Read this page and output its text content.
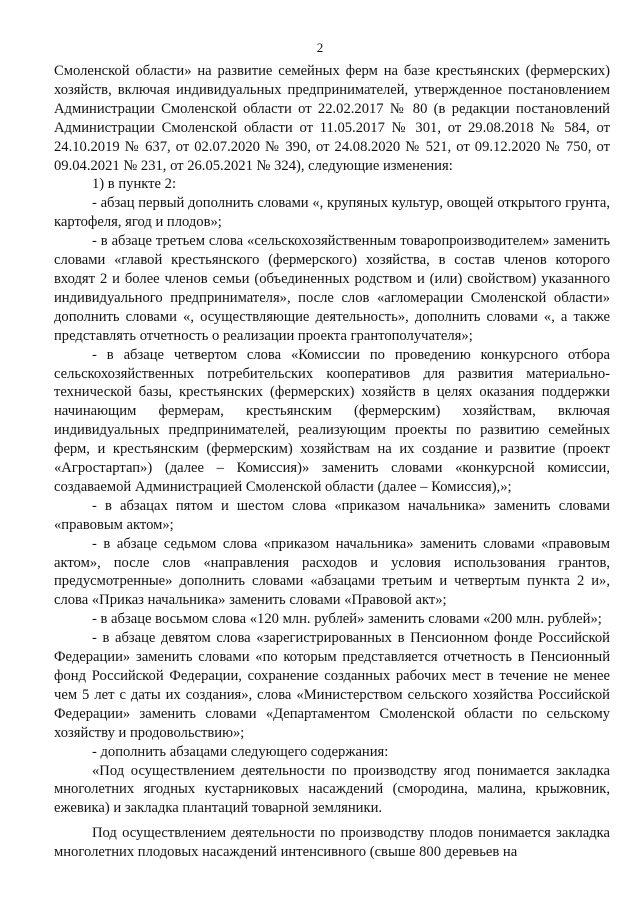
2

Смоленской области» на развитие семейных ферм на базе крестьянских (фермерских) хозяйств, включая индивидуальных предпринимателей, утвержденное постановлением Администрации Смоленской области от 22.02.2017 № 80 (в редакции постановлений Администрации Смоленской области от 11.05.2017 № 301, от 29.08.2018 № 584, от 24.10.2019 № 637, от 02.07.2020 № 390, от 24.08.2020 № 521, от 09.12.2020 № 750, от 09.04.2021 № 231, от 26.05.2021 № 324), следующие изменения:

1) в пункте 2:

- абзац первый дополнить словами «, крупяных культур, овощей открытого грунта, картофеля, ягод и плодов»;

- в абзаце третьем слова «сельскохозяйственным товаропроизводителем» заменить словами «главой крестьянского (фермерского) хозяйства, в состав членов которого входят 2 и более членов семьи (объединенных родством и (или) свойством) указанного индивидуального предпринимателя», после слов «агломерации Смоленской области» дополнить словами «, осуществляющие деятельность», дополнить словами «, а также представлять отчетность о реализации проекта грантополучателя»;

- в абзаце четвертом слова «Комиссии по проведению конкурсного отбора сельскохозяйственных потребительских кооперативов для развития материально-технической базы, крестьянских (фермерских) хозяйств в целях оказания поддержки начинающим фермерам, крестьянским (фермерским) хозяйствам, включая индивидуальных предпринимателей, реализующим проекты по развитию семейных ферм, и крестьянским (фермерским) хозяйствам на их создание и развитие (проект «Агростартап») (далее – Комиссия)» заменить словами «конкурсной комиссии, создаваемой Администрацией Смоленской области (далее – Комиссия),»;

- в абзацах пятом и шестом слова «приказом начальника» заменить словами «правовым актом»;

- в абзаце седьмом слова «приказом начальника» заменить словами «правовым актом», после слов «направления расходов и условия использования грантов, предусмотренные» дополнить словами «абзацами третьим и четвертым пункта 2 и», слова «Приказ начальника» заменить словами «Правовой акт»;

- в абзаце восьмом слова «120 млн. рублей» заменить словами «200 млн. рублей»;

- в абзаце девятом слова «зарегистрированных в Пенсионном фонде Российской Федерации» заменить словами «по которым представляется отчетность в Пенсионный фонд Российской Федерации, сохранение созданных рабочих мест в течение не менее чем 5 лет с даты их создания», слова «Министерством сельского хозяйства Российской Федерации» заменить словами «Департаментом Смоленской области по сельскому хозяйству и продовольствию»;

- дополнить абзацами следующего содержания:

«Под осуществлением деятельности по производству ягод понимается закладка многолетних ягодных кустарниковых насаждений (смородина, малина, крыжовник, ежевика) и закладка плантаций товарной земляники.

Под осуществлением деятельности по производству плодов понимается закладка многолетних плодовых насаждений интенсивного (свыше 800 деревьев на
